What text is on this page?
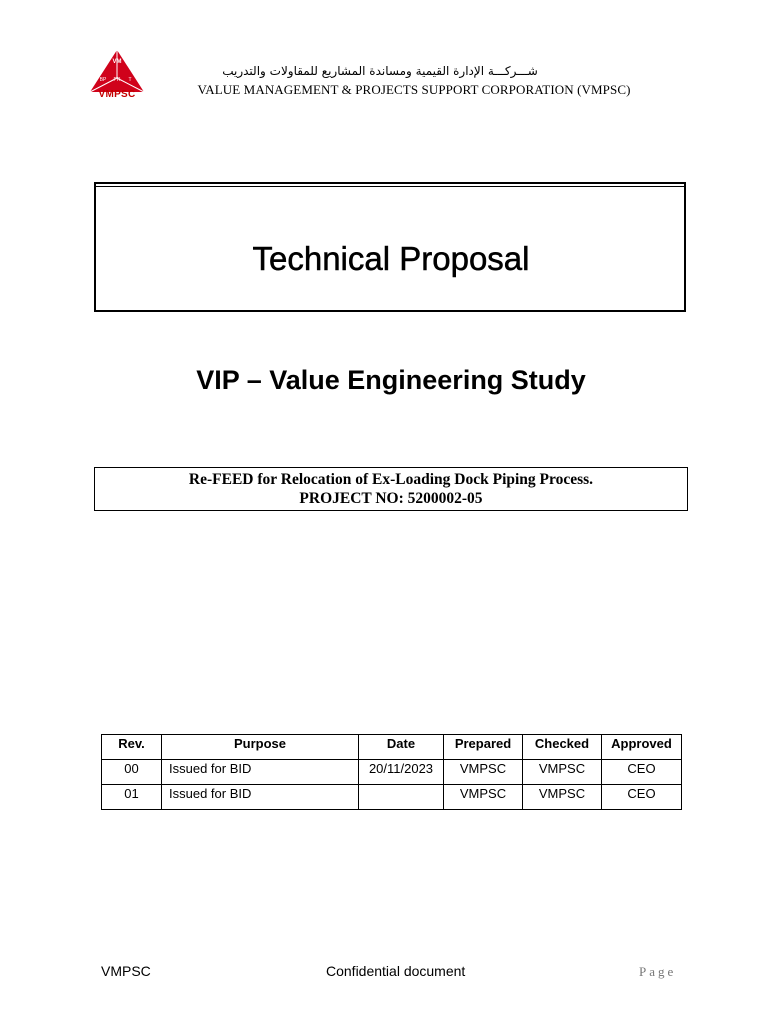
VM
BP PR T
VMPSC
شـــركـــة الإدارة القيمية ومساندة المشاريع للمقاولات والتدريب
VALUE MANAGEMENT & PROJECTS SUPPORT CORPORATION (VMPSC)
Technical Proposal
VIP – Value Engineering Study
Re-FEED for Relocation of Ex-Loading Dock Piping Process.
PROJECT NO: 5200002-05
Rev.	Purpose	Date	Prepared	Checked	Approved
00	Issued for BID	20/11/2023	VMPSC	VMPSC	CEO
01	Issued for BID		VMPSC	VMPSC	CEO
VMPSC	Confidential document	Page
